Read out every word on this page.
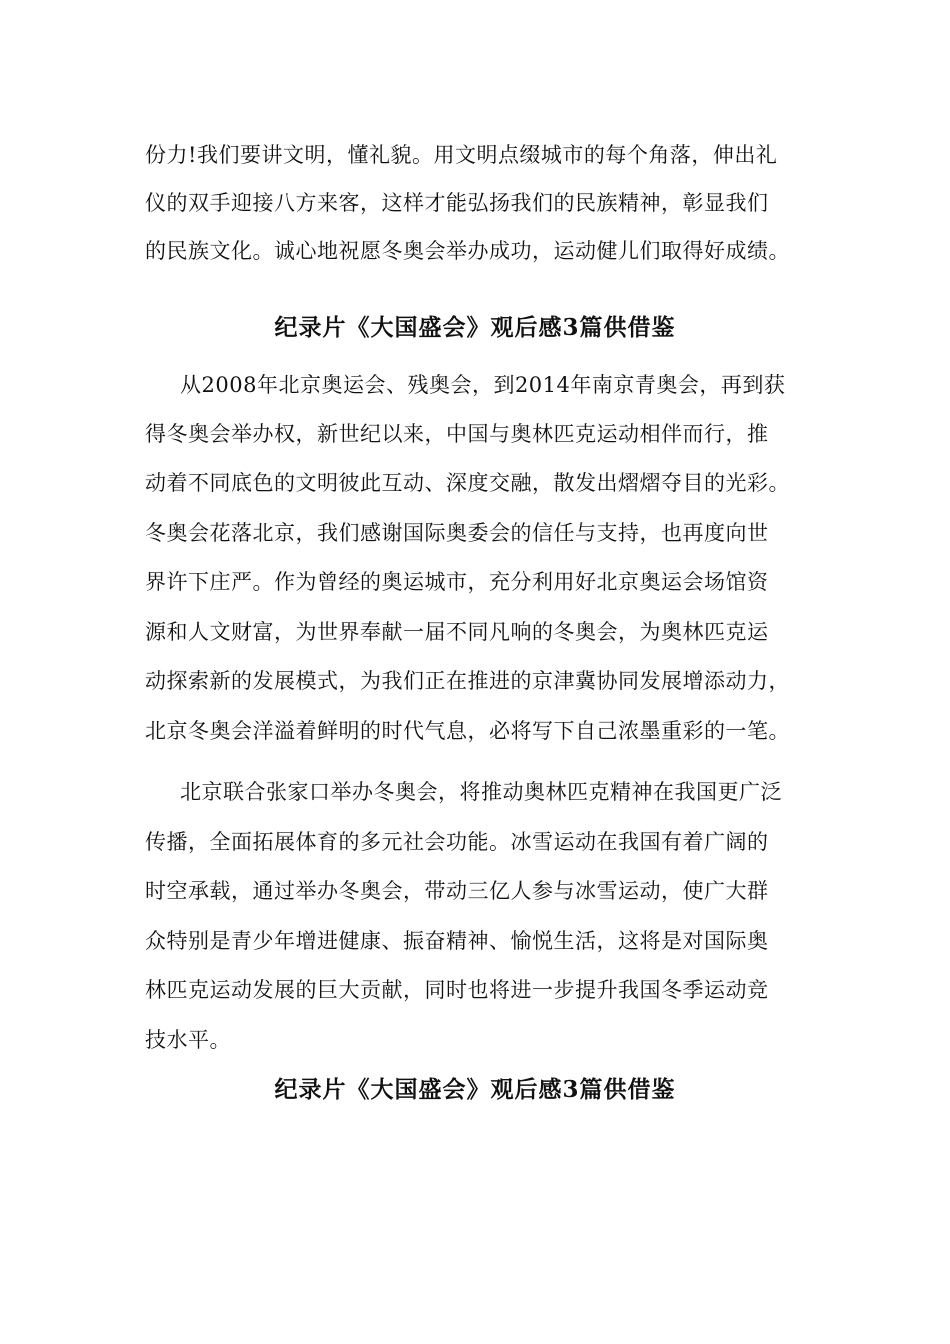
份力!我们要讲文明，懂礼貌。用文明点缀城市的每个角落，伸出礼
仪的双手迎接八方来客，这样才能弘扬我们的民族精神，彰显我们
的民族文化。诚心地祝愿冬奥会举办成功，运动健儿们取得好成绩。
纪录片《大国盛会》观后感3篇供借鉴
从2008年北京奥运会、残奥会，到2014年南京青奥会，再到获
得冬奥会举办权，新世纪以来，中国与奥林匹克运动相伴而行，推
动着不同底色的文明彼此互动、深度交融，散发出熠熠夺目的光彩。
冬奥会花落北京，我们感谢国际奥委会的信任与支持，也再度向世
界许下庄严。作为曾经的奥运城市，充分利用好北京奥运会场馆资
源和人文财富，为世界奉献一届不同凡响的冬奥会，为奥林匹克运
动探索新的发展模式，为我们正在推进的京津冀协同发展增添动力，
北京冬奥会洋溢着鲜明的时代气息，必将写下自己浓墨重彩的一笔。
北京联合张家口举办冬奥会，将推动奥林匹克精神在我国更广泛
传播，全面拓展体育的多元社会功能。冰雪运动在我国有着广阔的
时空承载，通过举办冬奥会，带动三亿人参与冰雪运动，使广大群
众特别是青少年增进健康、振奋精神、愉悦生活，这将是对国际奥
林匹克运动发展的巨大贡献，同时也将进一步提升我国冬季运动竞
技水平。
纪录片《大国盛会》观后感3篇供借鉴
